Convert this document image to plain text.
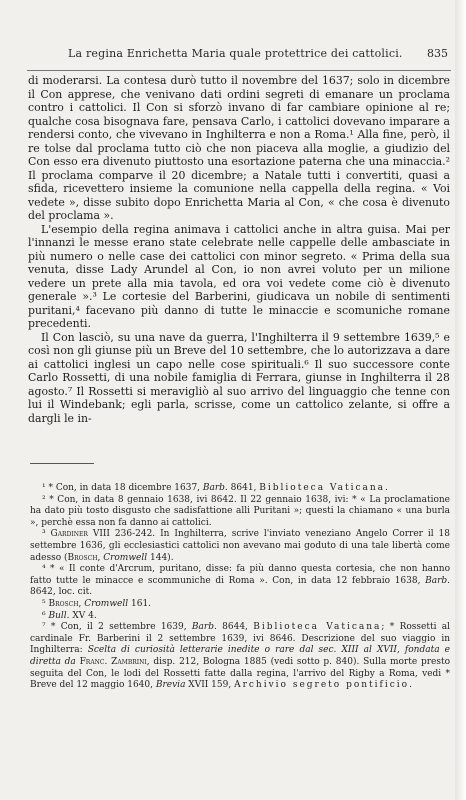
La regina Enrichetta Maria quale protettrice dei cattolici. 835

di moderarsi. La contesa durò tutto il novembre del 1637; solo in dicembre il Con apprese, che venivano dati ordini segreti di emanare un proclama contro i cattolici. Il Con si sforzò invano di far cambiare opinione al re; qualche cosa bisognava fare, pensava Carlo, i cattolici dovevano imparare a rendersi conto, che vivevano in Inghilterra e non a Roma.¹ Alla fine, però, il re tolse dal proclama tutto ciò che non piaceva alla moglie, a giudizio del Con esso era divenuto piuttosto una esortazione paterna che una minaccia.² Il proclama comparve il 20 dicembre; a Natale tutti i convertiti, quasi a sfida, ricevettero insieme la comunione nella cappella della regina. « Voi vedete », disse subito dopo Enrichetta Maria al Con, « che cosa è divenuto del proclama ».

L'esempio della regina animava i cattolici anche in altra guisa. Mai per l'innanzi le messe erano state celebrate nelle cappelle delle ambasciate in più numero o nelle case dei cattolici con minor segreto. « Prima della sua venuta, disse Lady Arundel al Con, io non avrei voluto per un milione vedere un prete alla mia tavola, ed ora voi vedete come ciò è divenuto generale ».³ Le cortesie del Barberini, giudicava un nobile di sentimenti puritani,⁴ facevano più danno di tutte le minaccie e scomuniche romane precedenti.

Il Con lasciò, su una nave da guerra, l'Inghilterra il 9 settembre 1639,⁵ e così non gli giunse più un Breve del 10 settembre, che lo autorizzava a dare ai cattolici inglesi un capo nelle cose spirituali.⁶ Il suo successore conte Carlo Rossetti, di una nobile famiglia di Ferrara, giunse in Inghilterra il 28 agosto.⁷ Il Rossetti si meravigliò al suo arrivo del linguaggio che tenne con lui il Windebank; egli parla, scrisse, come un cattolico zelante, si offre a dargli le in-

¹ * Con, in data 18 dicembre 1637, Barb. 8641, Biblioteca Vaticana.

² * Con, in data 8 gennaio 1638, ivi 8642. Il 22 gennaio 1638, ivi: * « La proclamatione ha dato più tosto disgusto che sadisfattione alli Puritani »; questi la chiamano « una burla », perchè essa non fa danno ai cattolici.

³ Gardiner VIII 236-242. In Inghilterra, scrive l'inviato veneziano Angelo Correr il 18 settembre 1636, gli ecclesiastici cattolici non avevano mai goduto di una tale libertà come adesso (Brosch, Cromwell 144).

⁴ * « Il conte d'Arcrum, puritano, disse: fa più danno questa cortesia, che non hanno fatto tutte le minacce e scommuniche di Roma ». Con, in data 12 febbraio 1638, Barb. 8642, loc. cit.

⁵ Brosch, Cromwell 161.

⁶ Bull. XV 4.

⁷ * Con, il 2 settembre 1639, Barb. 8644, Biblioteca Vaticana; * Rossetti al cardinale Fr. Barberini il 2 settembre 1639, ivi 8646. Descrizione del suo viaggio in Inghilterra: Scelta di curiosità letterarie inedite o rare dal sec. XIII al XVII, fondata e diretta da Franc. Zambrini, disp. 212, Bologna 1885 (vedi sotto p. 840). Sulla morte presto seguita del Con, le lodi del Rossetti fatte dalla regina, l'arrivo del Rigby a Roma, vedi * Breve del 12 maggio 1640, Brevia XVII 159, Archivio segreto pontificio.
